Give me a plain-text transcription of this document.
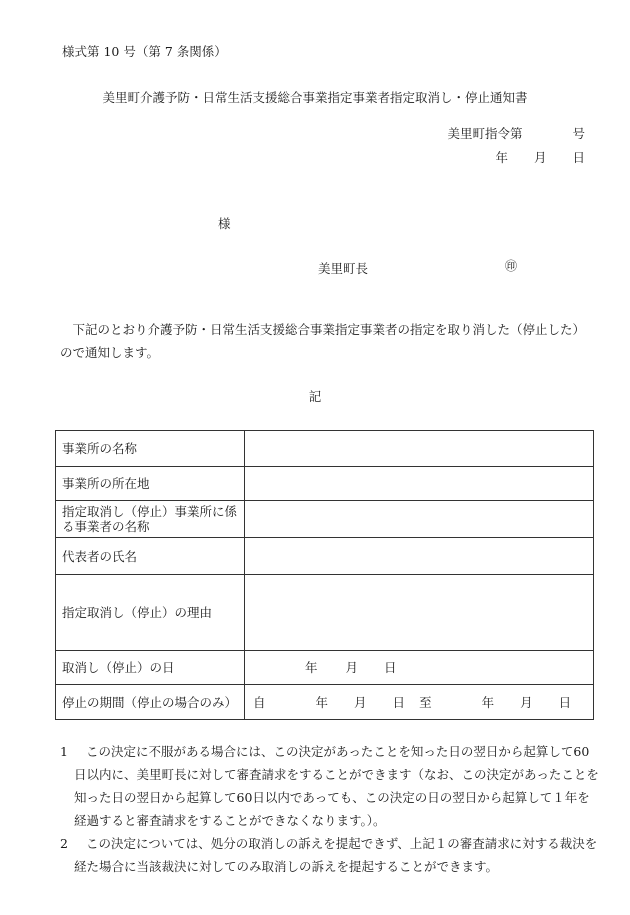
様式第 10 号（第 7 条関係）
美里町介護予防・日常生活支援総合事業指定事業者指定取消し・停止通知書
美里町指令第	号
年 月 日
様
美里町長	㊞
下記のとおり介護予防・日常生活支援総合事業指定事業者の指定を取り消した（停止した）ので通知します。
記
事業所の名称	
事業所の所在地	
指定取消し（停止）事業所に係る事業者の名称	
代表者の氏名	
指定取消し（停止）の理由	
取消し（停止）の日	年 月 日
停止の期間（停止の場合のみ）	自 年 月 日 至 年 月 日
1 この決定に不服がある場合には、この決定があったことを知った日の翌日から起算して60日以内に、美里町長に対して審査請求をすることができます（なお、この決定があったことを知った日の翌日から起算して60日以内であっても、この決定の日の翌日から起算して１年を経過すると審査請求をすることができなくなります。）。
2 この決定については、処分の取消しの訴えを提起できず、上記１の審査請求に対する裁決を経た場合に当該裁決に対してのみ取消しの訴えを提起することができます。
